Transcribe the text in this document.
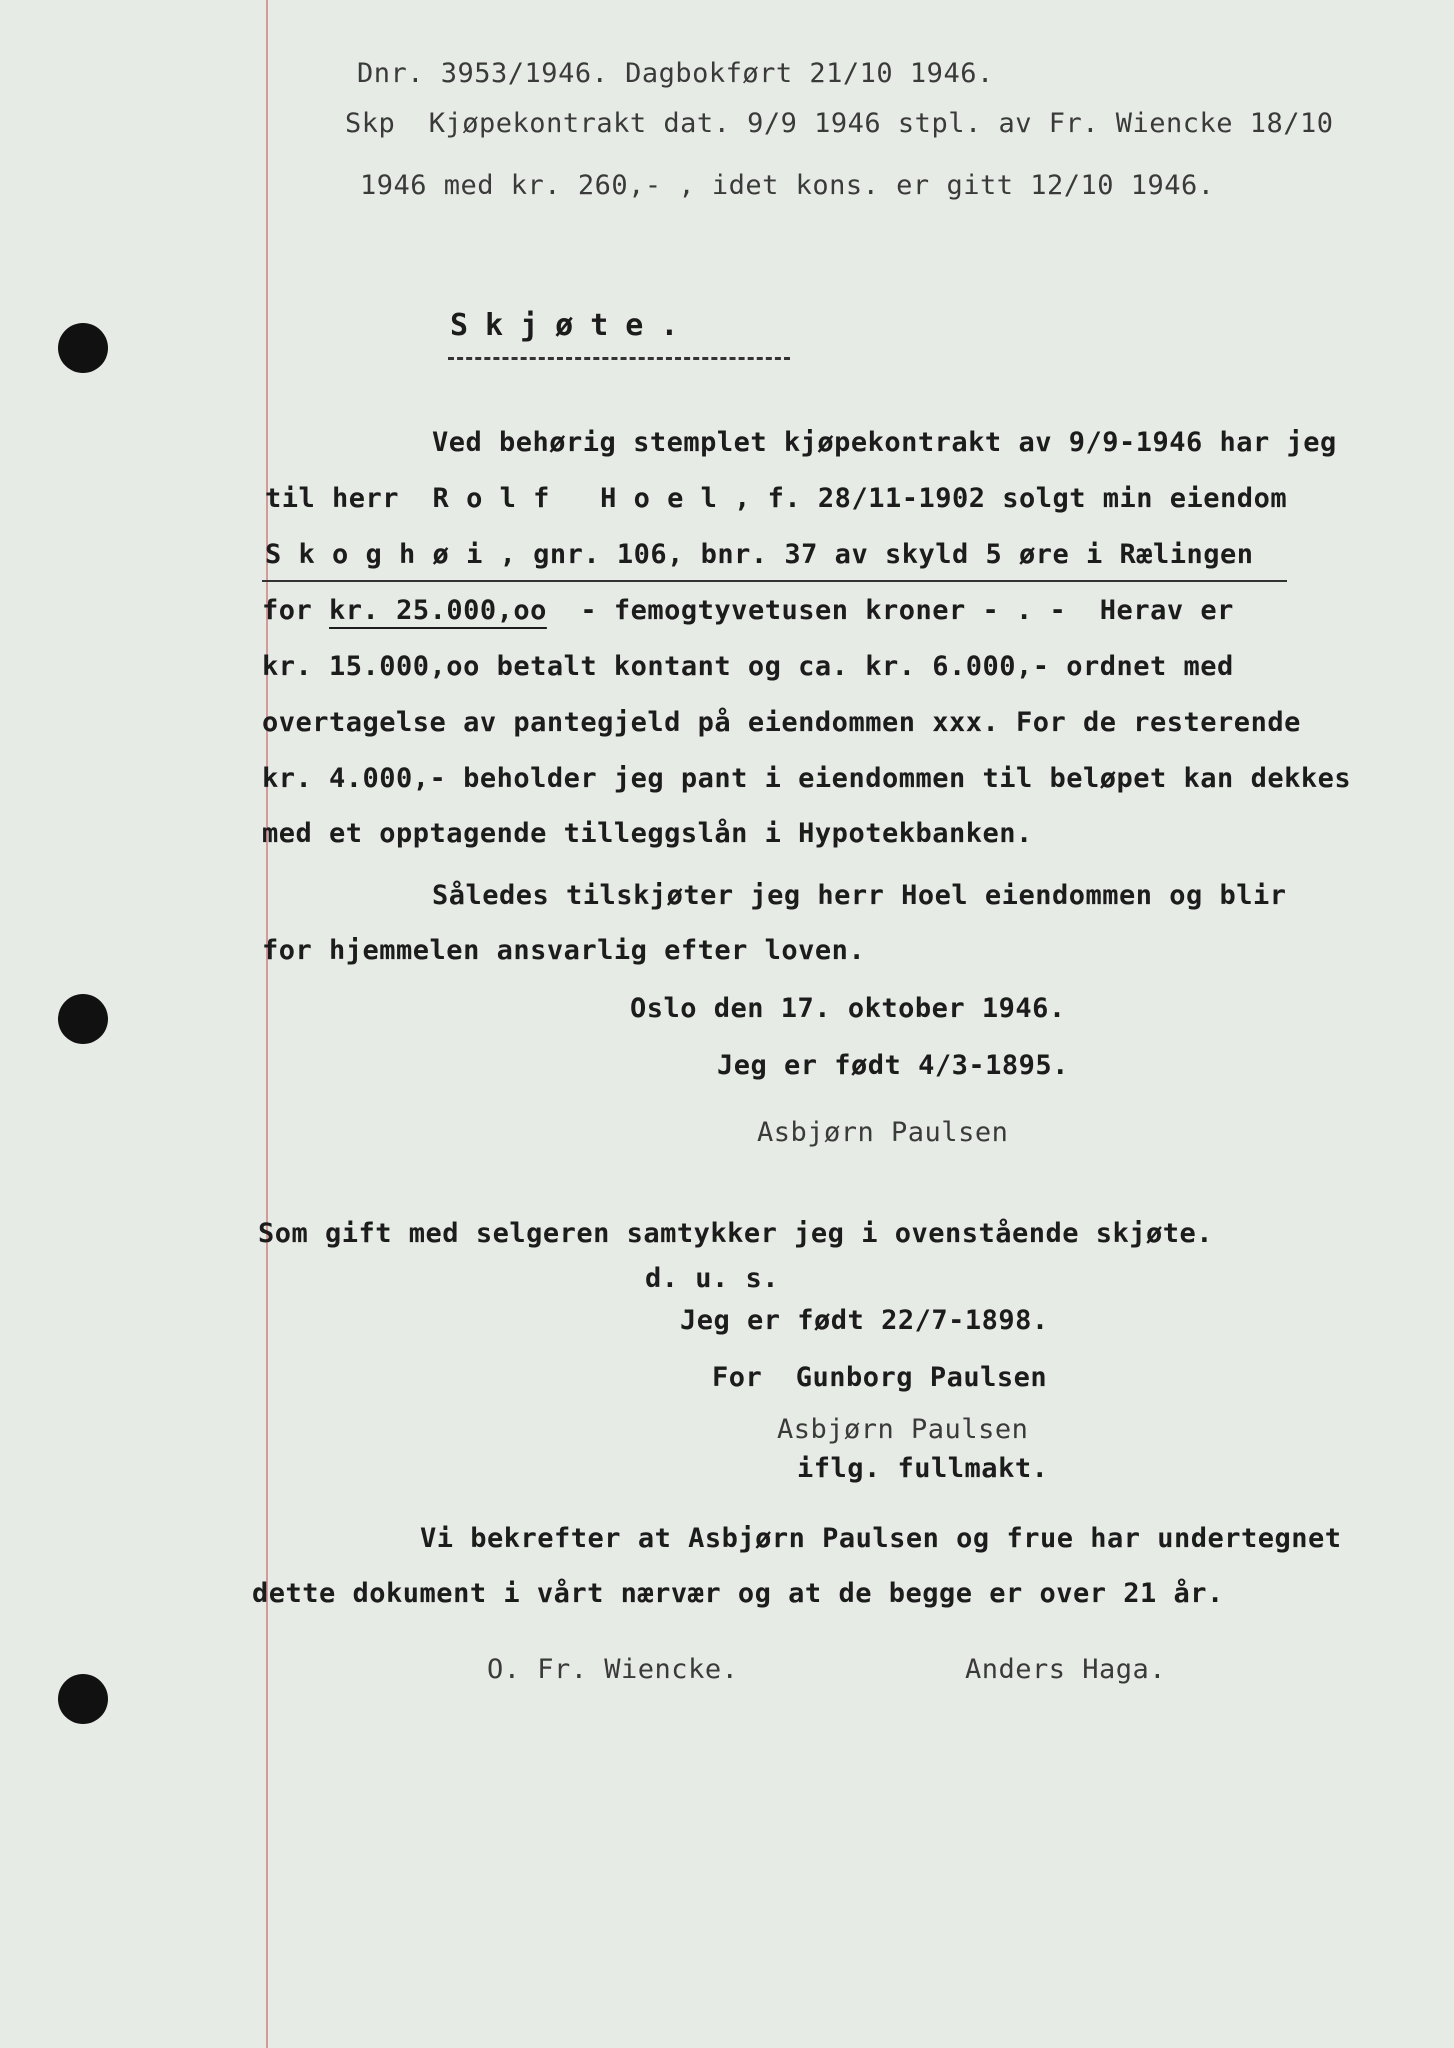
Dnr. 3953/1946. Dagbokført 21/10 1946.
Skp  Kjøpekontrakt dat. 9/9 1946 stpl. av Fr. Wiencke 18/10
1946 med kr. 260,- , idet kons. er gitt 12/10 1946.
Skjøte.
Ved behørig stemplet kjøpekontrakt av 9/9-1946 har jeg
til herr  R o l f   H o e l , f. 28/11-1902 solgt min eiendom
S k o g h ø i , gnr. 106, bnr. 37 av skyld 5 øre i Rælingen
for kr. 25.000,oo  - femogtyvetusen kroner - . -  Herav er
kr. 15.000,oo betalt kontant og ca. kr. 6.000,- ordnet med
overtagelse av pantegjeld på eiendommen xxx. For de resterende
kr. 4.000,- beholder jeg pant i eiendommen til beløpet kan dekkes
med et opptagende tilleggslån i Hypotekbanken.
Således tilskjøter jeg herr Hoel eiendommen og blir
for hjemmelen ansvarlig efter loven.
Oslo den 17. oktober 1946.
Jeg er født 4/3-1895.
Asbjørn Paulsen
Som gift med selgeren samtykker jeg i ovenstående skjøte.
d. u. s.
Jeg er født 22/7-1898.
For  Gunborg Paulsen
Asbjørn Paulsen
iflg. fullmakt.
Vi bekrefter at Asbjørn Paulsen og frue har undertegnet
dette dokument i vårt nærvær og at de begge er over 21 år.
O. Fr. Wiencke.	Anders Haga.
